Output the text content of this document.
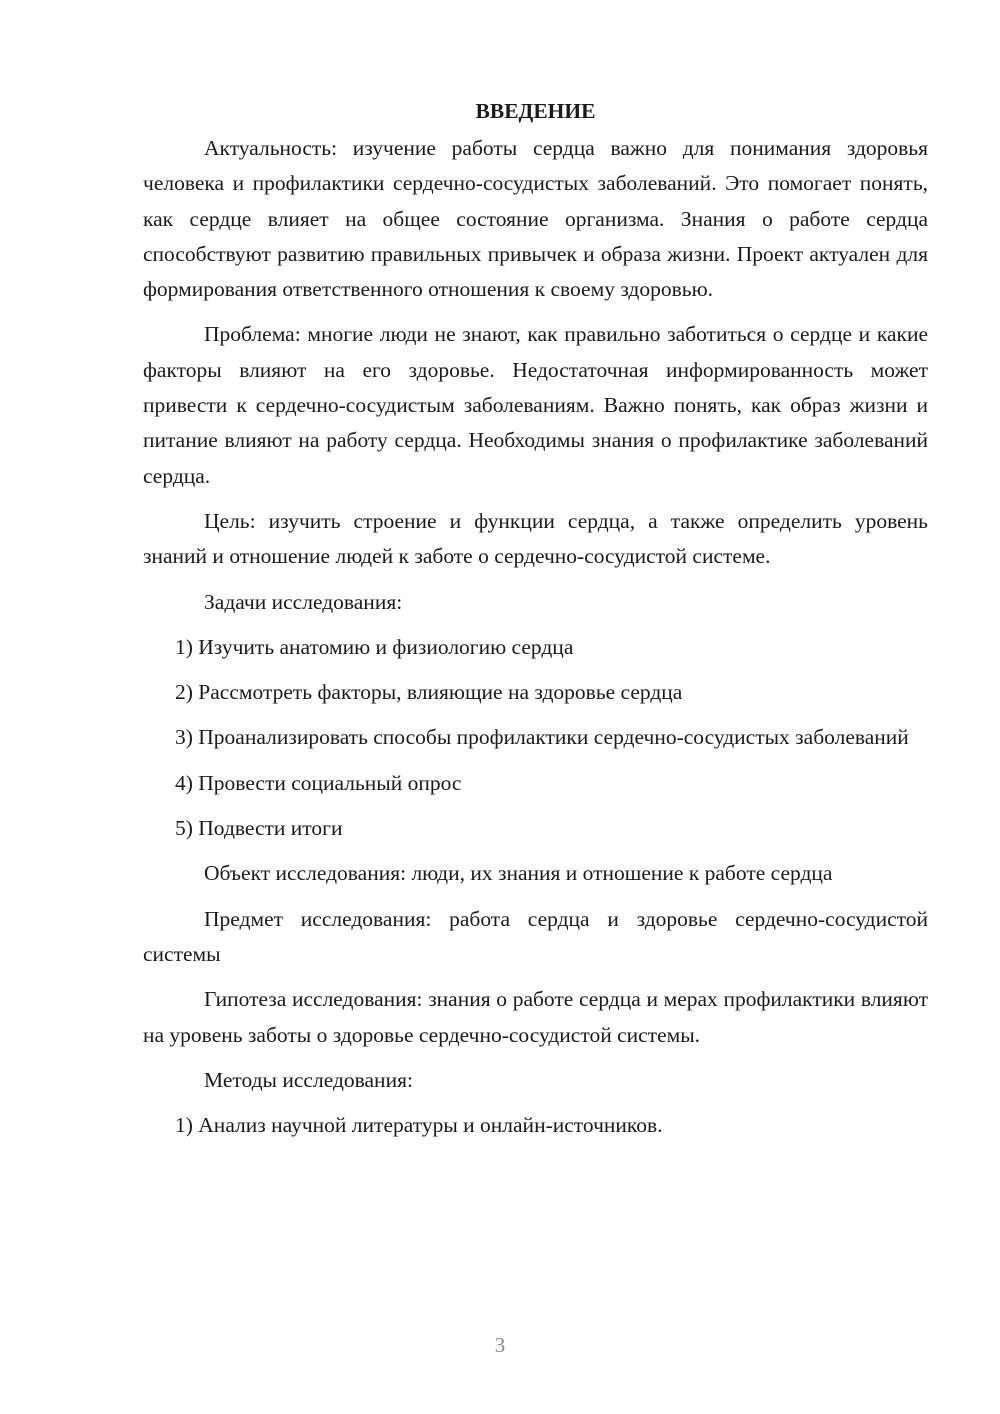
ВВЕДЕНИЕ

Актуальность: изучение работы сердца важно для понимания здоровья человека и профилактики сердечно-сосудистых заболеваний. Это помогает понять, как сердце влияет на общее состояние организма. Знания о работе сердца способствуют развитию правильных привычек и образа жизни. Проект актуален для формирования ответственного отношения к своему здоровью.

Проблема: многие люди не знают, как правильно заботиться о сердце и какие факторы влияют на его здоровье. Недостаточная информированность может привести к сердечно-сосудистым заболеваниям. Важно понять, как образ жизни и питание влияют на работу сердца. Необходимы знания о профилактике заболеваний сердца.

Цель: изучить строение и функции сердца, а также определить уровень знаний и отношение людей к заботе о сердечно-сосудистой системе.

Задачи исследования:

1) Изучить анатомию и физиологию сердца

2) Рассмотреть факторы, влияющие на здоровье сердца

3) Проанализировать способы профилактики сердечно-сосудистых заболеваний

4) Провести социальный опрос

5) Подвести итоги

Объект исследования: люди, их знания и отношение к работе сердца

Предмет исследования: работа сердца и здоровье сердечно-сосудистой системы

Гипотеза исследования: знания о работе сердца и мерах профилактики влияют на уровень заботы о здоровье сердечно-сосудистой системы.

Методы исследования:

1) Анализ научной литературы и онлайн-источников.

3
